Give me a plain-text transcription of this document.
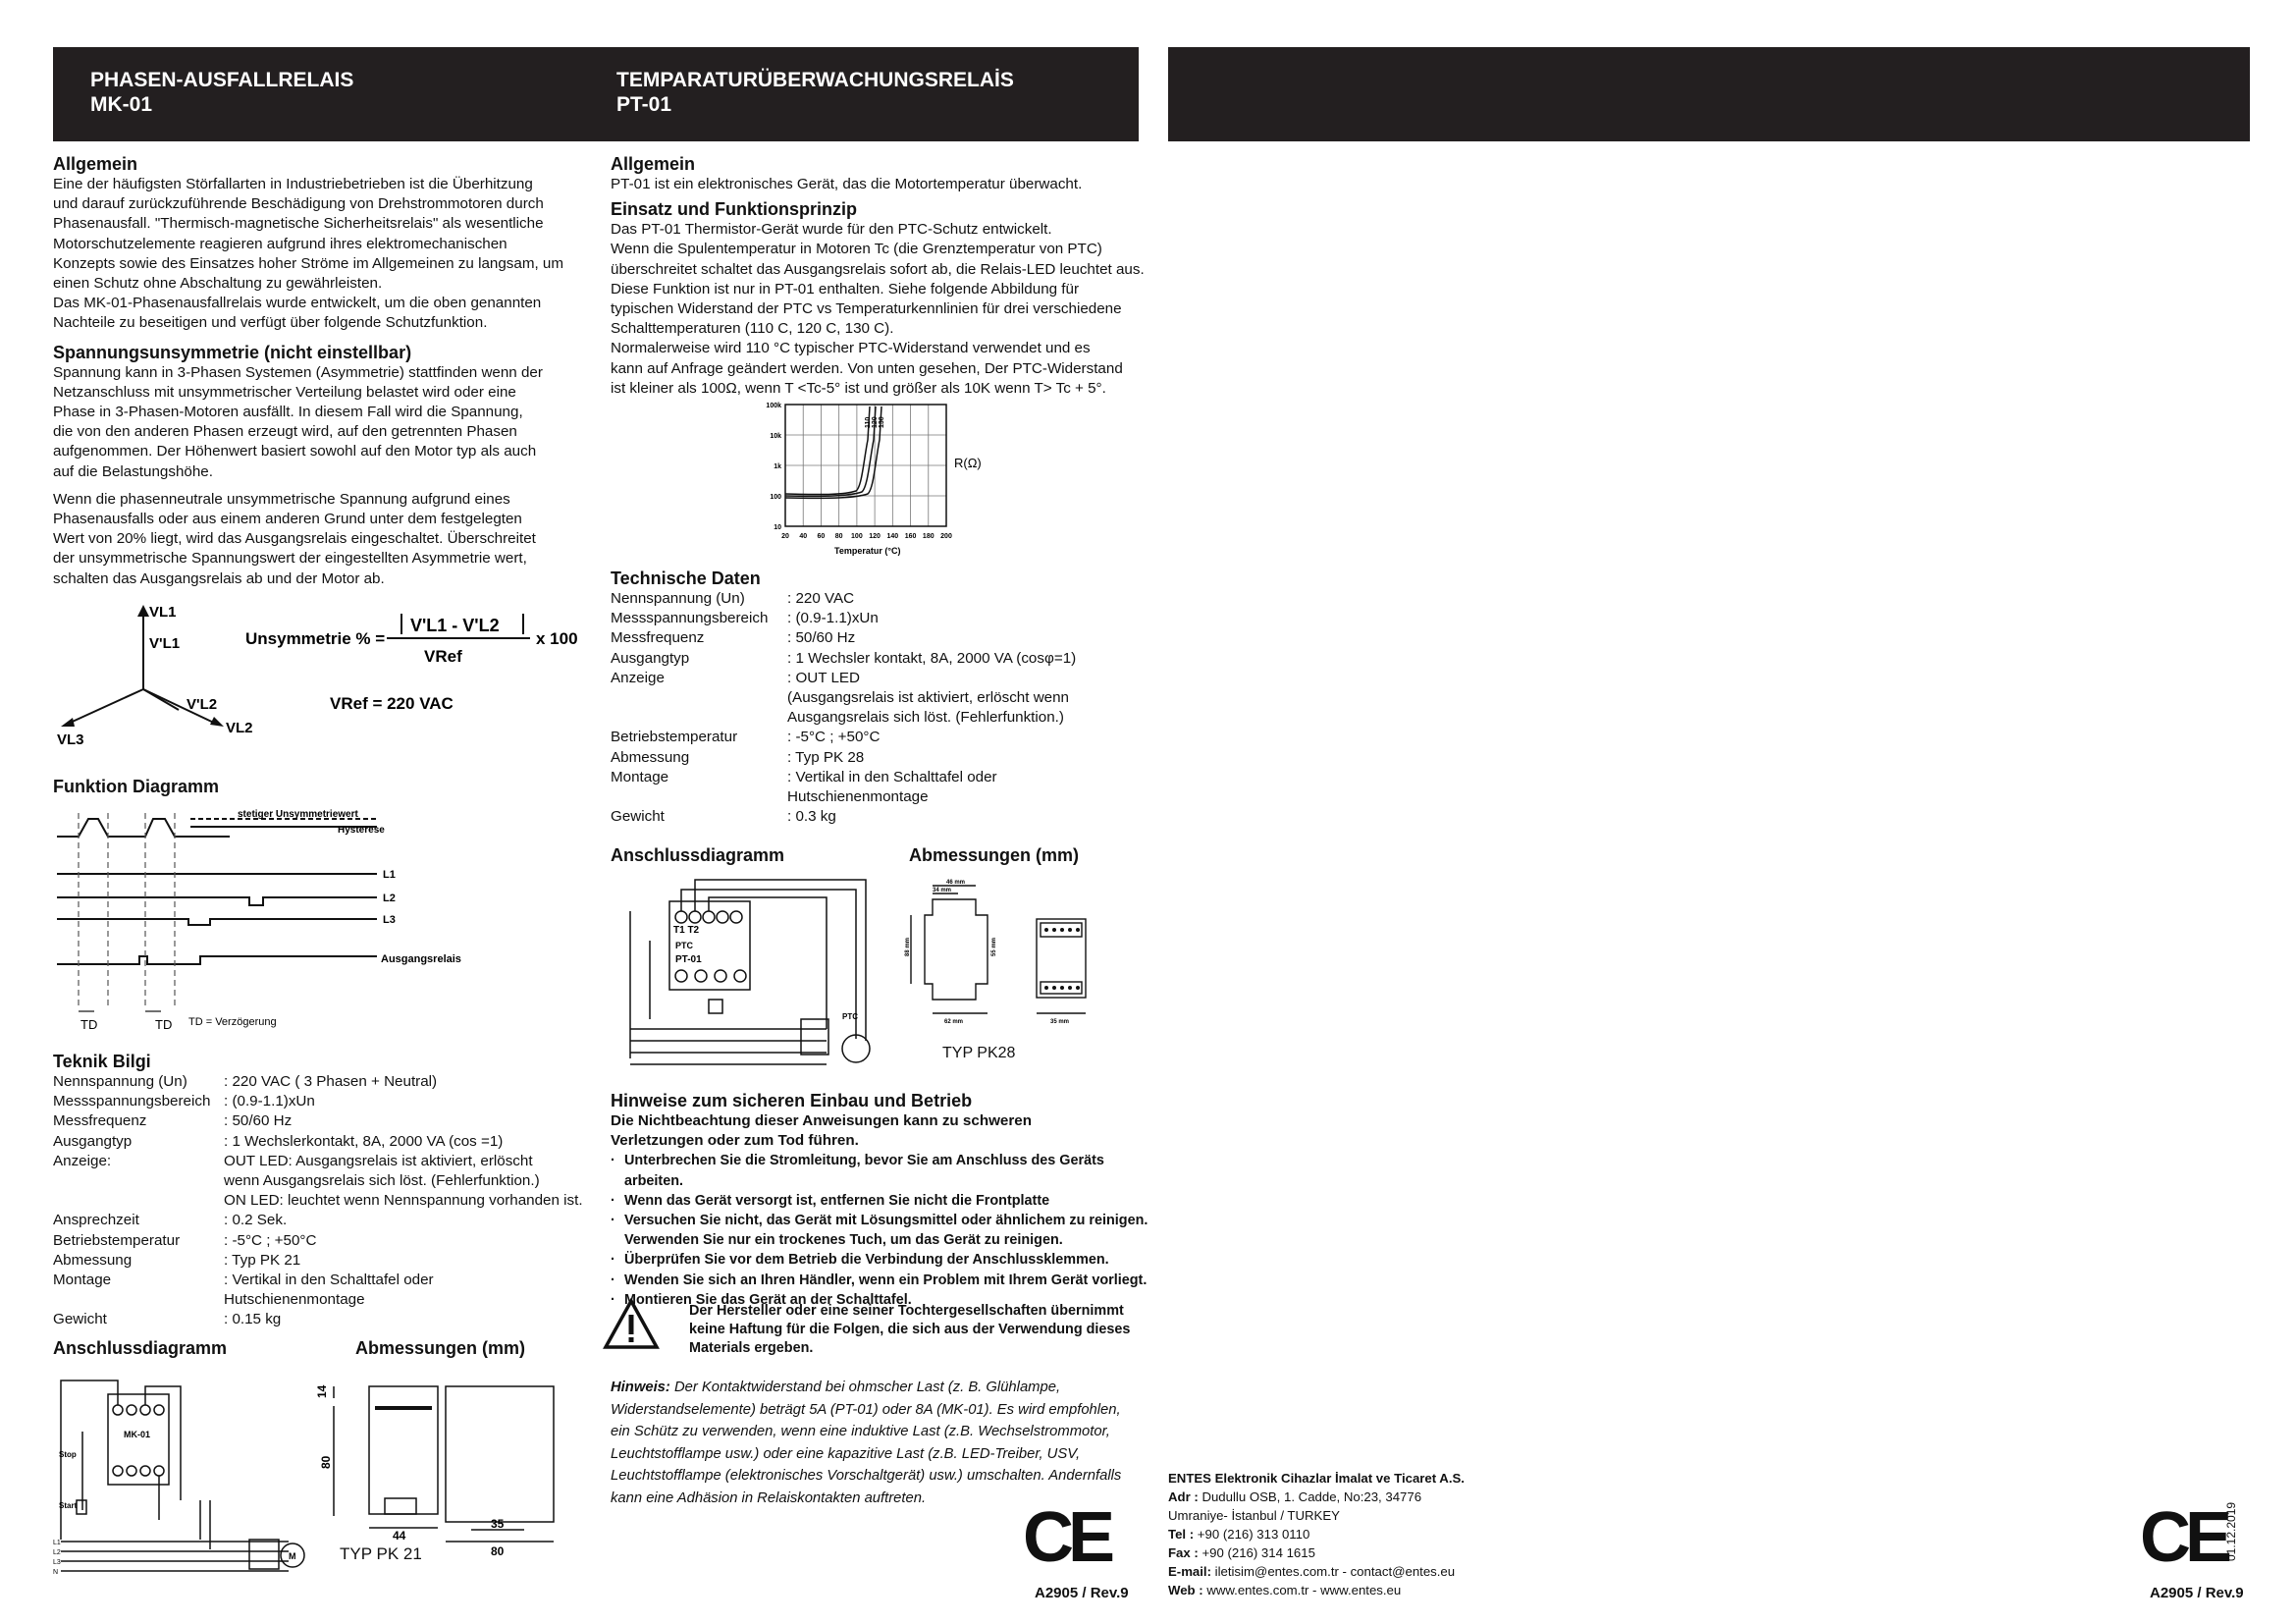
PHASEN-AUSFALLRELAIS
MK-01
TEMPARATURÜBERWACHUNGSRELAİS
PT-01
Allgemein
Eine der häufigsten Störfallarten in Industriebetrieben ist die Überhitzung
und darauf zurückzuführende Beschädigung von Drehstrommotoren durch
Phasenausfall. "Thermisch-magnetische Sicherheitsrelais" als wesentliche
Motorschutzelemente reagieren aufgrund ihres elektromechanischen
Konzepts sowie des Einsatzes hoher Ströme im Allgemeinen zu langsam, um
einen Schutz ohne Abschaltung zu gewährleisten.
Das MK-01-Phasenausfallrelais wurde entwickelt, um die oben genannten
Nachteile zu beseitigen und verfügt über folgende Schutzfunktion.
Spannungsunsymmetrie (nicht einstellbar)
Spannung kann in 3-Phasen Systemen (Asymmetrie) stattfinden wenn der
Netzanschluss mit unsymmetrischer Verteilung belastet wird oder eine
Phase in 3-Phasen-Motoren ausfällt. In diesem Fall wird die Spannung,
die von den anderen Phasen erzeugt wird, auf den getrennten Phasen
aufgenommen. Der Höhenwert basiert sowohl auf den Motor typ als auch
auf die Belastungshöhe.
Wenn die phasenneutrale unsymmetrische Spannung aufgrund eines
Phasenausfalls oder aus einem anderen Grund unter dem festgelegten
Wert von 20% liegt, wird das Ausgangsrelais eingeschaltet. Überschreitet
der unsymmetrische Spannungswert der eingestellten Asymmetrie wert,
schalten das Ausgangsrelais ab und der Motor ab.
VL1
V'L1
V'L2
VL2
VL3
Unsymmetrie % =
V'L1 - V'L2
VRef
x 100
VRef = 220 VAC
Funktion Diagramm
stetiger Unsymmetriewert
Hysterese
L1
L2
L3
Ausgangsrelais
TD	TD TD = Verzögerung
Teknik Bilgi
Nennspannung (Un)	: 220 VAC ( 3 Phasen + Neutral)
Messspannungsbereich : (0.9-1.1)xUn
Messfrequenz	: 50/60 Hz
Ausgangtyp	: 1 Wechslerkontakt, 8A, 2000 VA (cos =1)
Anzeige:	OUT LED: Ausgangsrelais ist aktiviert, erlöscht
wenn Ausgangsrelais sich löst. (Fehlerfunktion.)
ON LED: leuchtet wenn Nennspannung vorhanden ist.
Ansprechzeit	: 0.2 Sek.
Betriebstemperatur	: -5°C ; +50°C
Abmessung	: Typ PK 21
Montage	: Vertikal in den Schalttafel oder
Hutschienenmontage
Gewicht	: 0.15 kg
Anschlussdiagramm	Abmessungen (mm)
MK-01
Stop
Start
L1
L2
L3
N
M
14
80
44
35
80
TYP PK 21
Allgemein
PT-01 ist ein elektronisches Gerät, das die Motortemperatur überwacht.
Einsatz und Funktionsprinzip
Das PT-01 Thermistor-Gerät wurde für den PTC-Schutz entwickelt.
Wenn die Spulentemperatur in Motoren Tc (die Grenztemperatur von PTC)
überschreitet schaltet das Ausgangsrelais sofort ab, die Relais-LED leuchtet aus.
Diese Funktion ist nur in PT-01 enthalten. Siehe folgende Abbildung für
typischen Widerstand der PTC vs Temperaturkennlinien für drei verschiedene
Schalttemperaturen (110 C, 120 C, 130 C).
Normalerweise wird 110 °C typischer PTC-Widerstand verwendet und es
kann auf Anfrage geändert werden. Von unten gesehen, Der PTC-Widerstand
ist kleiner als 100Ω, wenn T <Tc-5° ist und größer als 10K wenn T> Tc + 5°.
100k
10k
1k
100
10
20 40 60 80 100 120 140 160 180 200
110 120 130
R(Ω)
Temperatur (°C)
Technische Daten
Nennspannung (Un)	: 220 VAC
Messspannungsbereich	: (0.9-1.1)xUn
Messfrequenz	: 50/60 Hz
Ausgangtyp	: 1 Wechsler kontakt, 8A, 2000 VA (cosφ=1)
Anzeige	: OUT LED
(Ausgangsrelais ist aktiviert, erlöscht wenn
Ausgangsrelais sich löst. (Fehlerfunktion.)
Betriebstemperatur	: -5°C ; +50°C
Abmessung	: Typ PK 28
Montage	: Vertikal in den Schalttafel oder
Hutschienenmontage
Gewicht	: 0.3 kg
Anschlussdiagramm	Abmessungen (mm)
T1 T2
PTC
PT-01
PTC
46 mm
34 mm
88 mm
62 mm	35 mm
55 mm
TYP PK28
Hinweise zum sicheren Einbau und Betrieb
Die Nichtbeachtung dieser Anweisungen kann zu schweren
Verletzungen oder zum Tod führen.
· Unterbrechen Sie die Stromleitung, bevor Sie am Anschluss des Geräts arbeiten.
· Wenn das Gerät versorgt ist, entfernen Sie nicht die Frontplatte
· Versuchen Sie nicht, das Gerät mit Lösungsmittel oder ähnlichem zu reinigen.
Verwenden Sie nur ein trockenes Tuch, um das Gerät zu reinigen.
· Überprüfen Sie vor dem Betrieb die Verbindung der Anschlussklemmen.
· Wenden Sie sich an Ihren Händler, wenn ein Problem mit Ihrem Gerät vorliegt.
· Montieren Sie das Gerät an der Schalttafel.
Der Hersteller oder eine seiner Tochtergesellschaften übernimmt
keine Haftung für die Folgen, die sich aus der Verwendung dieses
Materials ergeben.
Hinweis: Der Kontaktwiderstand bei ohmscher Last (z. B. Glühlampe,
Widerstandselemente) beträgt 5A (PT-01) oder 8A (MK-01). Es wird empfohlen,
ein Schütz zu verwenden, wenn eine induktive Last (z.B. Wechselstrommotor,
Leuchtstofflampe usw.) oder eine kapazitive Last (z.B. LED-Treiber, USV,
Leuchtstofflampe (elektronisches Vorschaltgerät) usw.) umschalten. Andernfalls
kann eine Adhäsion in Relaiskontakten auftreten.
CE
A2905 / Rev.9
CE
A2905 / Rev.9
01.12.2019
ENTES Elektronik Cihazlar İmalat ve Ticaret A.S.
Adr : Dudullu OSB, 1. Cadde, No:23, 34776
Umraniye- İstanbul / TURKEY
Tel : +90 (216) 313 0110
Fax : +90 (216) 314 1615
E-mail: iletisim@entes.com.tr - contact@entes.eu
Web : www.entes.com.tr - www.entes.eu
